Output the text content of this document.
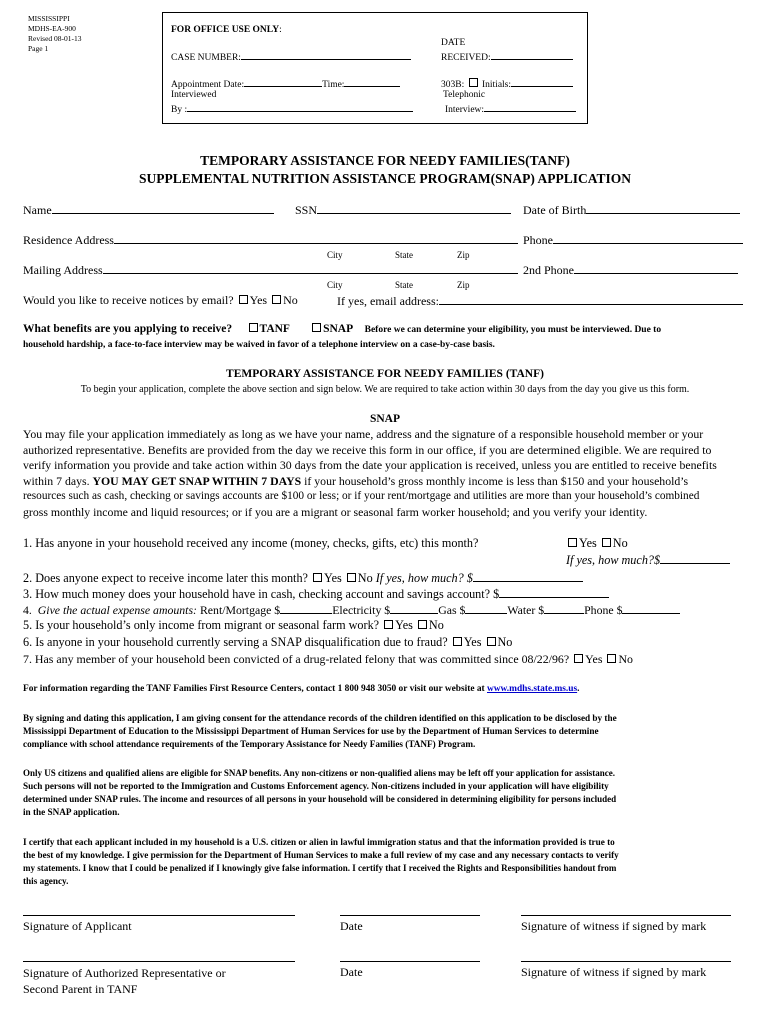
MISSISSIPPI
MDHS-EA-900
Revised 08-01-13
Page 1
FOR OFFICE USE ONLY:
CASE NUMBER:
DATE
RECEIVED:
Appointment Date:	Time:
Interviewed
By :
303B: Initials:
Telephonic
Interview:
TEMPORARY ASSISTANCE FOR NEEDY FAMILIES(TANF)
SUPPLEMENTAL NUTRITION ASSISTANCE PROGRAM(SNAP) APPLICATION
Name	SSN	Date of Birth
Residence Address	Phone
City	State	Zip
Mailing Address	2nd Phone
City	State	Zip
Would you like to receive notices by email? Yes No	If yes, email address:
What benefits are you applying to receive? TANF	SNAP Before we can determine your eligibility, you must be interviewed. Due to
household hardship, a face-to-face interview may be waived in favor of a telephone interview on a case-by-case basis.
TEMPORARY ASSISTANCE FOR NEEDY FAMILIES (TANF)
To begin your application, complete the above section and sign below. We are required to take action within 30 days from the day you give us this form.
SNAP
You may file your application immediately as long as we have your name, address and the signature of a responsible household member or your
authorized representative. Benefits are provided from the day we receive this form in our office, if you are determined eligible. We are required to
verify information you provide and take action within 30 days from the date your application is received, unless you are entitled to receive benefits
within 7 days. YOU MAY GET SNAP WITHIN 7 DAYS if your household’s gross monthly income is less than $150 and your household’s
resources such as cash, checking or savings accounts are $100 or less; or if your rent/mortgage and utilities are more than your household’s combined
gross monthly income and liquid resources; or if you are a migrant or seasonal farm worker household; and you verify your identity.
1. Has anyone in your household received any income (money, checks, gifts, etc) this month?	Yes No
If yes, how much?$
2. Does anyone expect to receive income later this month? Yes No If yes, how much? $
3. How much money does your household have in cash, checking account and savings account? $
4. Give the actual expense amounts: Rent/Mortgage $	Electricity $	Gas $	Water $	Phone $
5. Is your household’s only income from migrant or seasonal farm work? Yes No
6. Is anyone in your household currently serving a SNAP disqualification due to fraud? Yes No
7. Has any member of your household been convicted of a drug-related felony that was committed since 08/22/96? Yes No
For information regarding the TANF Families First Resource Centers, contact 1 800 948 3050 or visit our website at www.mdhs.state.ms.us.
By signing and dating this application, I am giving consent for the attendance records of the children identified on this application to be disclosed by the
Mississippi Department of Education to the Mississippi Department of Human Services for use by the Department of Human Services to determine
compliance with school attendance requirements of the Temporary Assistance for Needy Families (TANF) Program.
Only US citizens and qualified aliens are eligible for SNAP benefits. Any non-citizens or non-qualified aliens may be left off your application for assistance.
Such persons will not be reported to the Immigration and Customs Enforcement agency. Non-citizens included in your application will have eligibility
determined under SNAP rules. The income and resources of all persons in your household will be considered in determining eligibility for persons included
in the SNAP application.
I certify that each applicant included in my household is a U.S. citizen or alien in lawful immigration status and that the information provided is true to
the best of my knowledge. I give permission for the Department of Human Services to make a full review of my case and any necessary contacts to verify
my statements. I know that I could be penalized if I knowingly give false information. I certify that I received the Rights and Responsibilities handout from
this agency.
Signature of Applicant	Date	Signature of witness if signed by mark
Signature of Authorized Representative or
Second Parent in TANF
Date	Signature of witness if signed by mark
